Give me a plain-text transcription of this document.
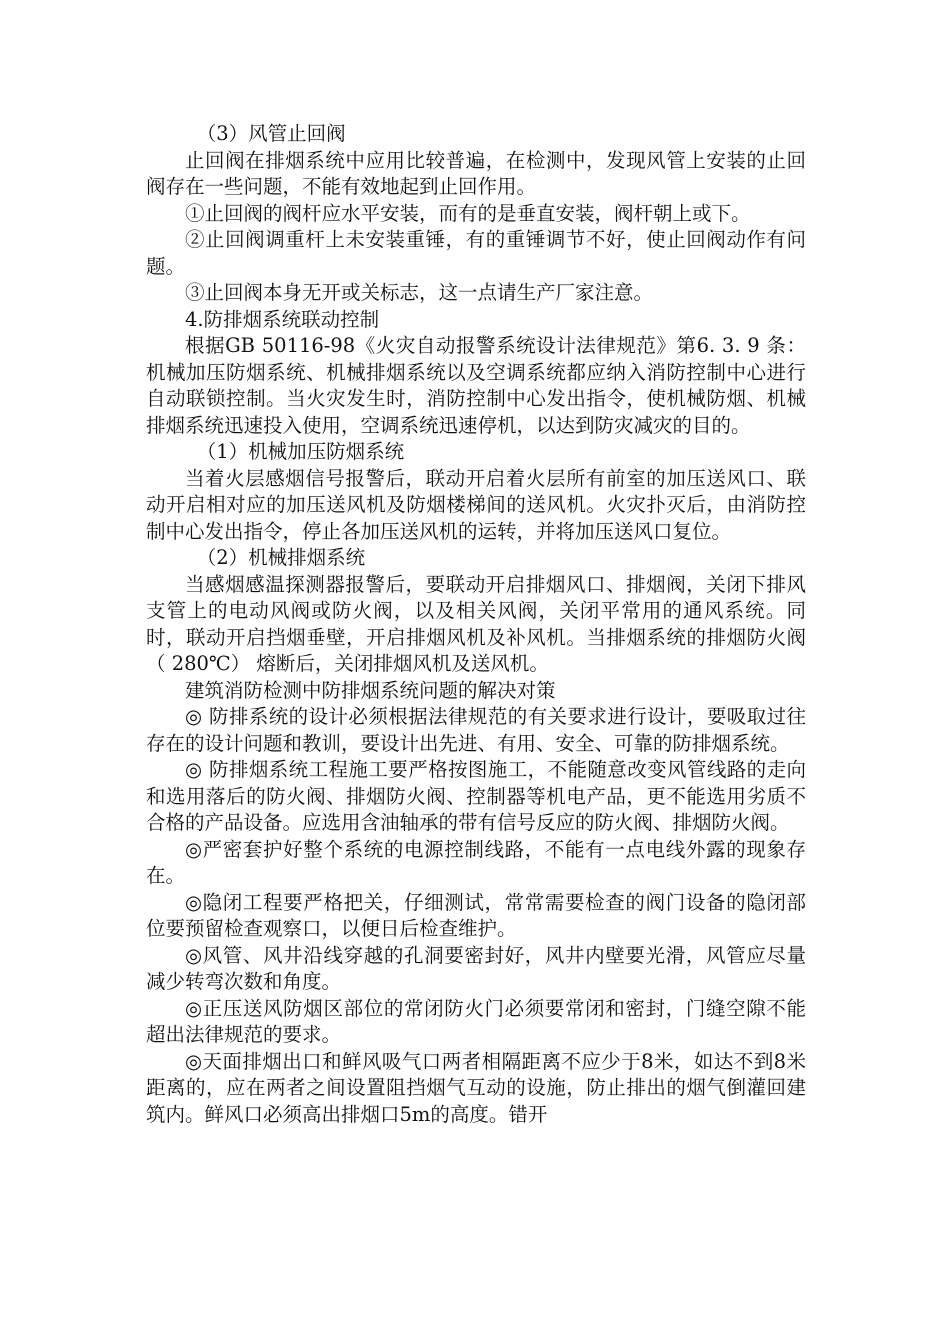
（3）风管止回阀

止回阀在排烟系统中应用比较普遍，在检测中，发现风管上安装的止回阀存在一些问题，不能有效地起到止回作用。

①止回阀的阀杆应水平安装，而有的是垂直安装，阀杆朝上或下。

②止回阀调重杆上未安装重锤，有的重锤调节不好，使止回阀动作有问题。

③止回阀本身无开或关标志，这一点请生产厂家注意。

4.防排烟系统联动控制

根据GB 50116-98《火灾自动报警系统设计法律规范》第6. 3. 9 条： 机械加压防烟系统、机械排烟系统以及空调系统都应纳入消防控制中心进行自动联锁控制。当火灾发生时，消防控制中心发出指令，使机械防烟、机械排烟系统迅速投入使用，空调系统迅速停机，以达到防灾减灾的目的。

（1）机械加压防烟系统

当着火层感烟信号报警后，联动开启着火层所有前室的加压送风口、联动开启相对应的加压送风机及防烟楼梯间的送风机。火灾扑灭后，由消防控制中心发出指令，停止各加压送风机的运转，并将加压送风口复位。

（2）机械排烟系统

当感烟感温探测器报警后，要联动开启排烟风口、排烟阀，关闭下排风支管上的电动风阀或防火阀，以及相关风阀，关闭平常用的通风系统。同时，联动开启挡烟垂壁，开启排烟风机及补风机。当排烟系统的排烟防火阀（ 280℃） 熔断后，关闭排烟风机及送风机。

建筑消防检测中防排烟系统问题的解决对策

◎ 防排系统的设计必须根据法律规范的有关要求进行设计，要吸取过往存在的设计问题和教训，要设计出先进、有用、安全、可靠的防排烟系统。

◎ 防排烟系统工程施工要严格按图施工，不能随意改变风管线路的走向和选用落后的防火阀、排烟防火阀、控制器等机电产品，更不能选用劣质不合格的产品设备。应选用含油轴承的带有信号反应的防火阀、排烟防火阀。

◎严密套护好整个系统的电源控制线路，不能有一点电线外露的现象存在。

◎隐闭工程要严格把关，仔细测试，常常需要检查的阀门设备的隐闭部位要预留检查观察口，以便日后检查维护。

◎风管、风井沿线穿越的孔洞要密封好，风井内壁要光滑，风管应尽量减少转弯次数和角度。

◎正压送风防烟区部位的常闭防火门必须要常闭和密封，门缝空隙不能超出法律规范的要求。

◎天面排烟出口和鲜风吸气口两者相隔距离不应少于8米，如达不到8米距离的，应在两者之间设置阻挡烟气互动的设施，防止排出的烟气倒灌回建筑内。鲜风口必须高出排烟口5m的高度。错开
